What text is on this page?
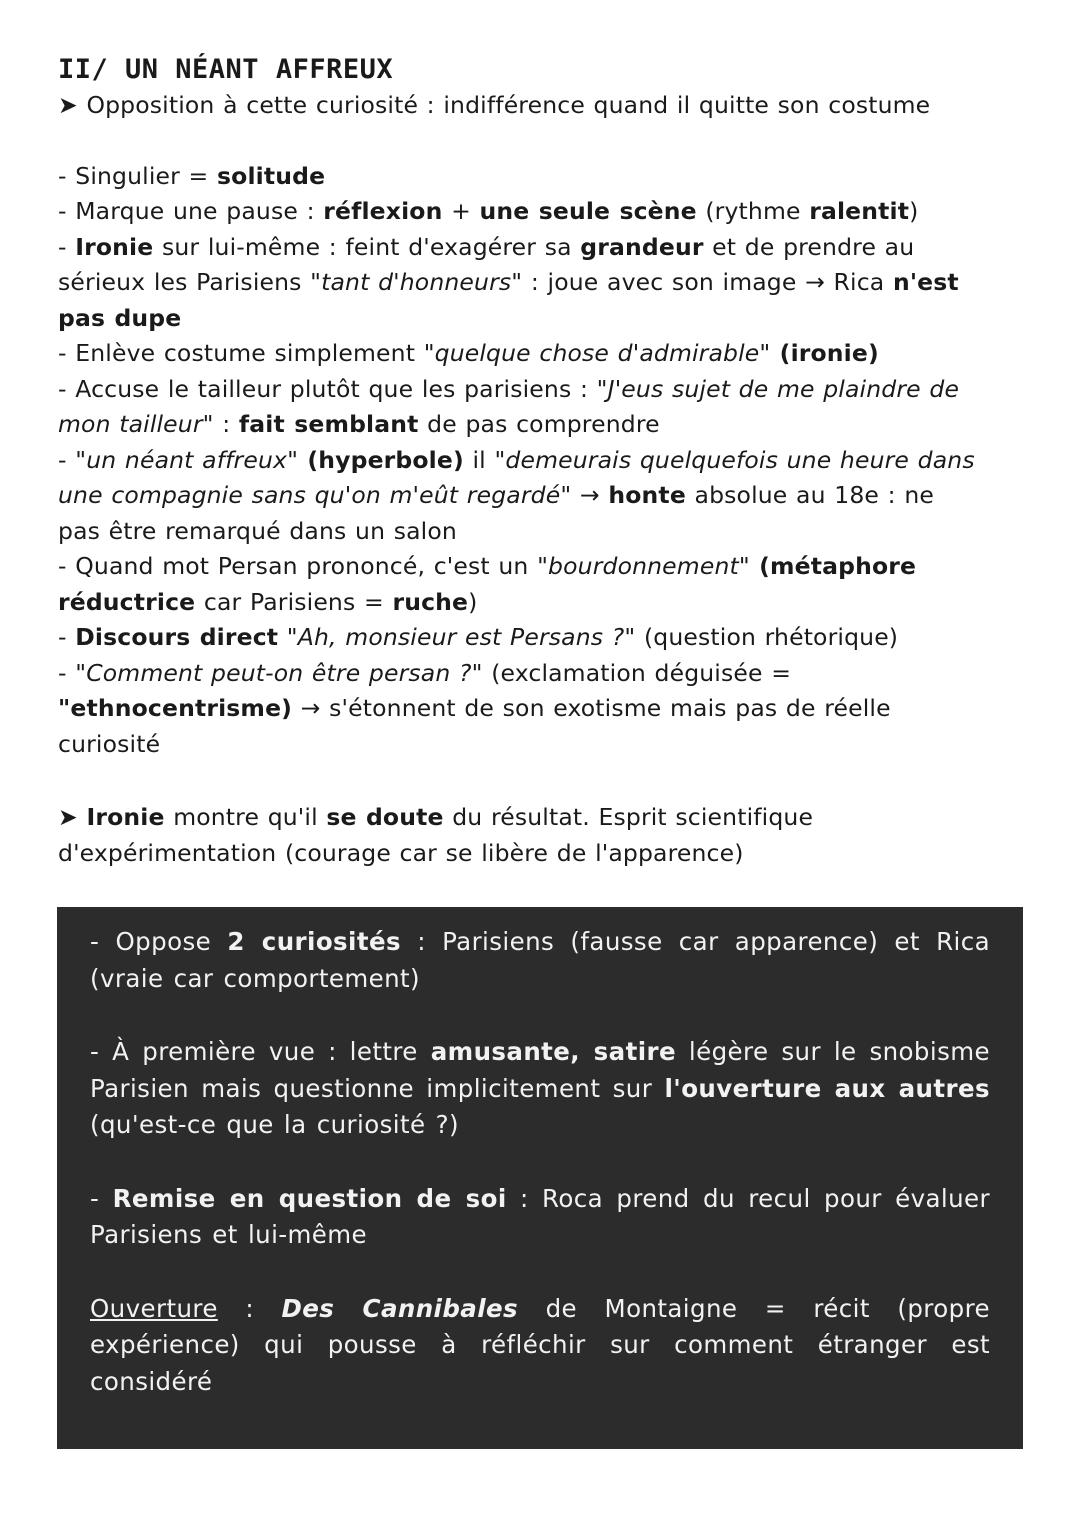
II/ UN NÉANT AFFREUX

➤ Opposition à cette curiosité : indifférence quand il quitte son costume

- Singulier = solitude

- Marque une pause : réflexion + une seule scène (rythme ralentit)

- Ironie sur lui-même : feint d'exagérer sa grandeur et de prendre au

sérieux les Parisiens "tant d'honneurs" : joue avec son image → Rica n'est

pas dupe

- Enlève costume simplement "quelque chose d'admirable" (ironie)

- Accuse le tailleur plutôt que les parisiens : "J'eus sujet de me plaindre de

mon tailleur" : fait semblant de pas comprendre

- "un néant affreux" (hyperbole) il "demeurais quelquefois une heure dans

une compagnie sans qu'on m'eût regardé" → honte absolue au 18e : ne

pas être remarqué dans un salon

- Quand mot Persan prononcé, c'est un "bourdonnement" (métaphore

réductrice car Parisiens = ruche)

- Discours direct "Ah, monsieur est Persans ?" (question rhétorique)

- "Comment peut-on être persan ?" (exclamation déguisée =

"ethnocentrisme) → s'étonnent de son exotisme mais pas de réelle

curiosité

➤ Ironie montre qu'il se doute du résultat. Esprit scientifique

d'expérimentation (courage car se libère de l'apparence)

- Oppose 2 curiosités : Parisiens (fausse car apparence) et Rica (vraie car comportement)

- À première vue : lettre amusante, satire légère sur le snobisme Parisien mais questionne implicitement sur l'ouverture aux autres (qu'est-ce que la curiosité ?)

- Remise en question de soi : Roca prend du recul pour évaluer Parisiens et lui-même

Ouverture : Des Cannibales de Montaigne = récit (propre expérience) qui pousse à réfléchir sur comment étranger est considéré
